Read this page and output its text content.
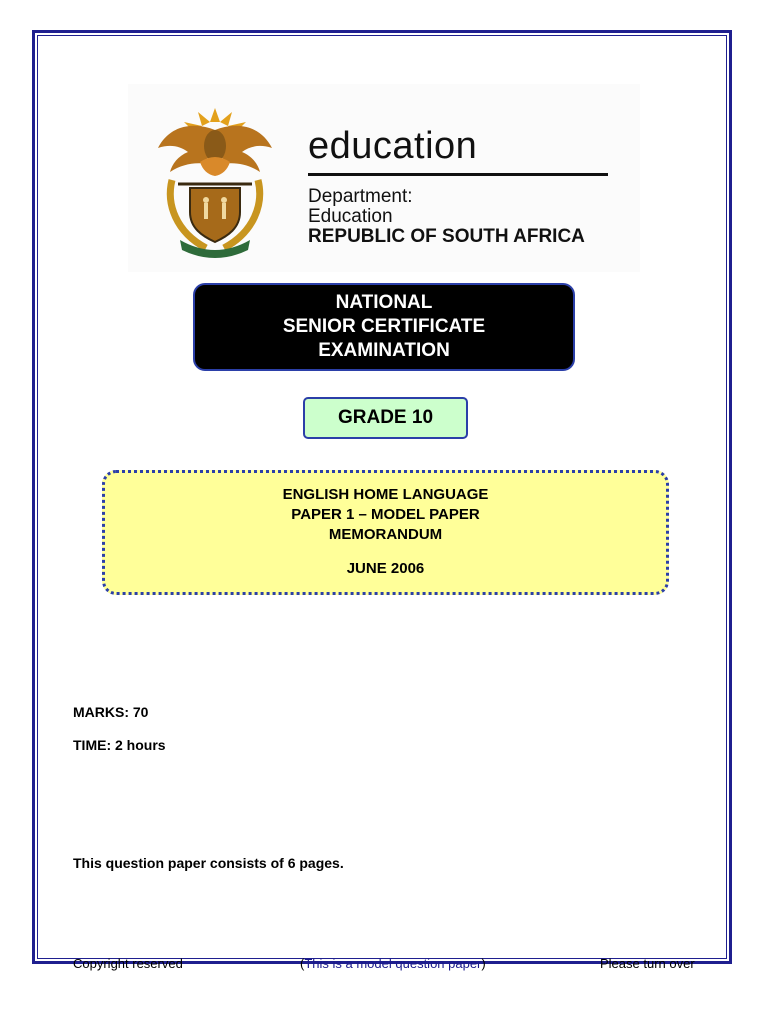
education
Department:
Education
REPUBLIC OF SOUTH AFRICA
NATIONAL
SENIOR CERTIFICATE
EXAMINATION
GRADE 10
ENGLISH HOME LANGUAGE
PAPER 1 – MODEL PAPER
MEMORANDUM
JUNE 2006
MARKS: 70
TIME: 2 hours
This question paper consists of 6 pages.
Copyright reserved	(This is a model question paper)	Please turn over
